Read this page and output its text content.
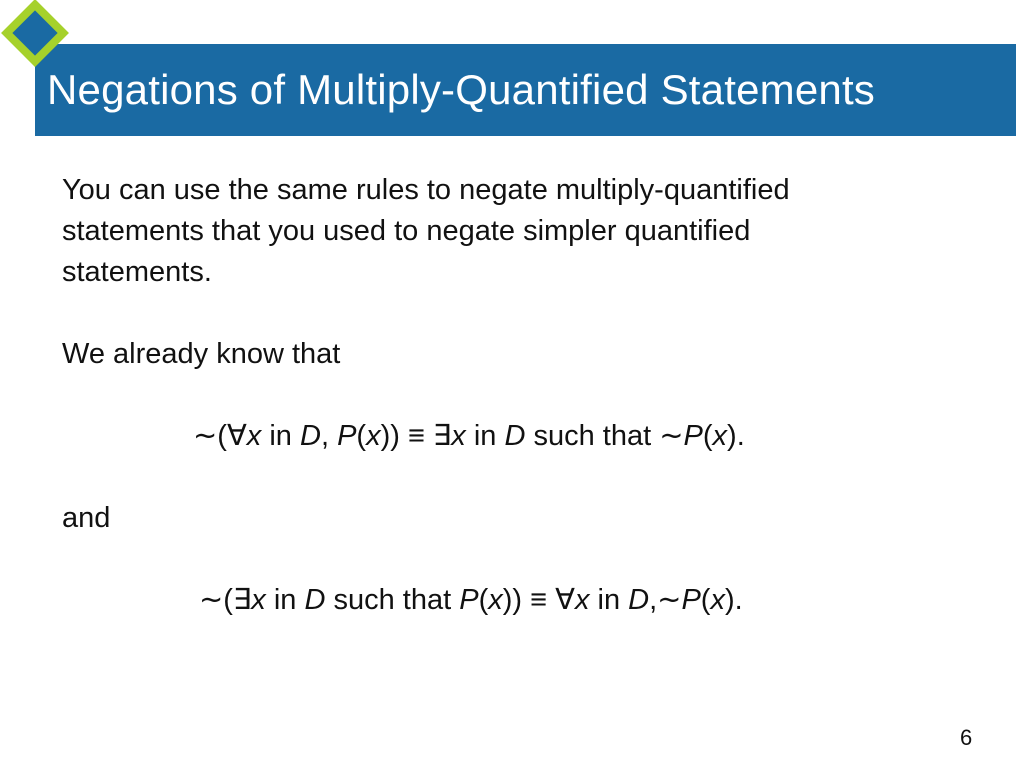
Negations of Multiply-Quantified Statements
You can use the same rules to negate multiply-quantified
statements that you used to negate simpler quantified
statements.
We already know that
∼(∀x in D, P(x)) ≡ ∃x in D such that ∼P(x).
and
∼(∃x in D such that P(x)) ≡ ∀x in D,∼P(x).
6
